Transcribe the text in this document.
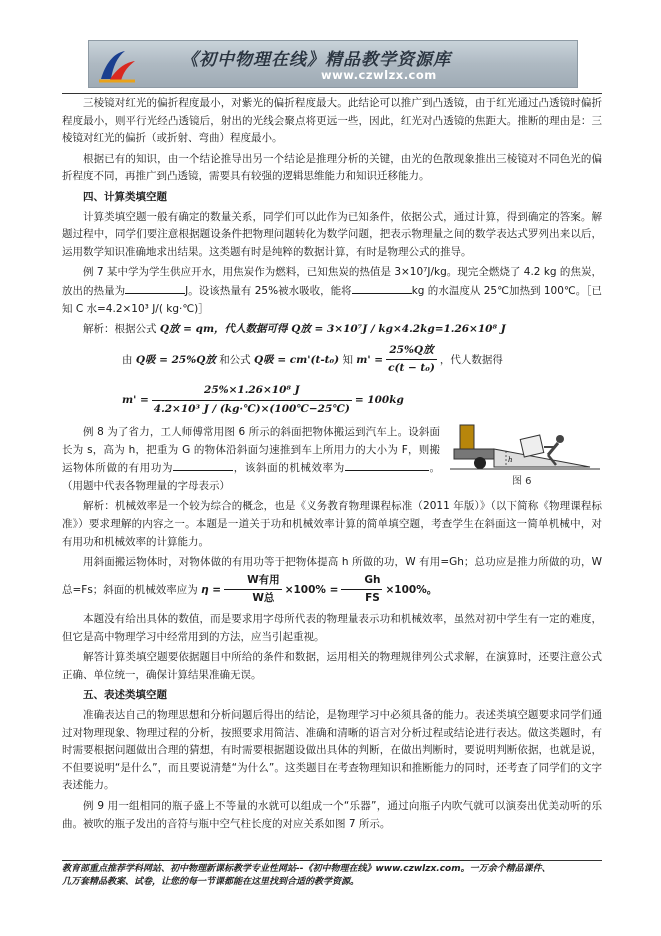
《初中物理在线》精品教学资源库
www.czwlzx.com

三棱镜对红光的偏折程度最小，对紫光的偏折程度最大。此结论可以推广到凸透镜，由于红光通过凸透镜时偏折程度最小，则平行光经凸透镜后，射出的光线会聚点将更远一些，因此，红光对凸透镜的焦距大。推断的理由是：三棱镜对红光的偏折（或折射、弯曲）程度最小。

根据已有的知识，由一个结论推导出另一个结论是推理分析的关键，由光的色散现象推出三棱镜对不同色光的偏折程度不同，再推广到凸透镜，需要具有较强的逻辑思维能力和知识迁移能力。

四、计算类填空题

计算类填空题一般有确定的数量关系，同学们可以此作为已知条件，依据公式，通过计算，得到确定的答案。解题过程中，同学们要注意根据题设条件把物理问题转化为数学问题，把表示物理量之间的数学表达式罗列出来以后，运用数学知识准确地求出结果。这类题有时是纯粹的数据计算，有时是物理公式的推导。

例 7 某中学为学生供应开水，用焦炭作为燃料，已知焦炭的热值是 3×10⁷J/kg。现完全燃烧了 4.2 kg 的焦炭，放出的热量为	J。设该热量有 25%被水吸收，能将	kg 的水温度从 25℃加热到 100℃。［已知 C 水=4.2×10³ J/( kg·℃)］

解析：根据公式 Q放 = qm，代人数据可得 Q放 = 3×10⁷J / kg×4.2kg=1.26×10⁸ J

由 Q吸 = 25%Q放 和公式 Q吸 = cm'(t-t₀) 知 $m' = \frac{\text{25\%Q放}}{\text{c(t − t₀)}}$ ，代人数据得
$m' = \frac{\text{25\%×1.26×10⁸ J}}{\text{4.2×10³ J / (kg·℃)×(100℃−25℃)}} = 100kg$

例 8 为了省力，工人师傅常用图 6 所示的斜面把物体搬运到汽车上。设斜面长为 s，高为 h，把重为 G 的物体沿斜面匀速推到车上所用力的大小为 F，则搬运物体所做的有用功为	，该斜面的机械效率为	。（用题中代表各物理量的字母表示）

解析：机械效率是一个较为综合的概念，也是《义务教育物理课程标准（2011 年版）》（以下简称《物理课程标准》）要求理解的内容之一。本题是一道关于功和机械效率计算的简单填空题，考查学生在斜面这一简单机械中，对有用功和机械效率的计算能力。

用斜面搬运物体时，对物体做的有用功等于把物体提高 h 所做的功，W 有用=Gh；总功应是推力所做的功，W 总=Fs；斜面的机械效率应为 $\eta = \frac{\text{W有用}}{\text{W总}} \times 100\% = \frac{Gh}{FS} \times 100\%$。

本题没有给出具体的数值，而是要求用字母所代表的物理量表示功和机械效率，虽然对初中学生有一定的难度，但它是高中物理学习中经常用到的方法，应当引起重视。

解答计算类填空题要依据题目中所给的条件和数据，运用相关的物理规律列公式求解，在演算时，还要注意公式正确、单位统一，确保计算结果准确无误。

五、表述类填空题

准确表达自己的物理思想和分析问题后得出的结论，是物理学习中必须具备的能力。表述类填空题要求同学们通过对物理现象、物理过程的分析，按照要求用简洁、准确和清晰的语言对分析过程或结论进行表达。做这类题时，有时需要根据问题做出合理的猜想，有时需要根据题设做出具体的判断，在做出判断时，要说明判断依据，也就是说，不但要说明“是什么”，而且要说清楚“为什么”。这类题目在考查物理知识和推断能力的同时，还考查了同学们的文字表述能力。

例 9 用一组相同的瓶子盛上不等量的水就可以组成一个“乐器”，通过向瓶子内吹气就可以演奏出优美动听的乐曲。被吹的瓶子发出的音符与瓶中空气柱长度的对应关系如图 7 所示。

h
图 6
教育部重点推荐学科网站、初中物理新课标教学专业性网站--《初中物理在线》www.czwlzx.com。一万余个精品课件、
几万套精品教案、试卷，让您的每一节课都能在这里找到合适的教学资源。
